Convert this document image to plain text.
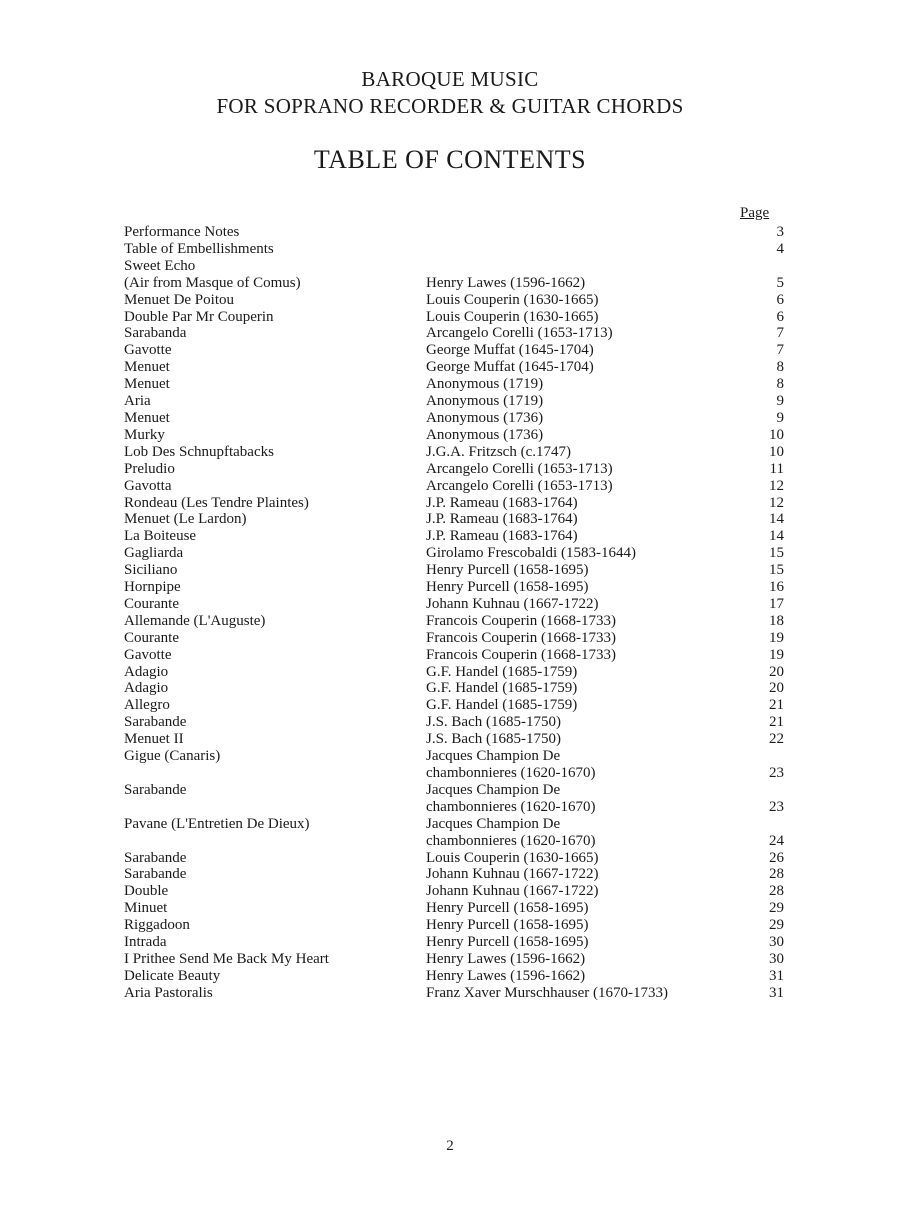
BAROQUE MUSIC
FOR SOPRANO RECORDER & GUITAR CHORDS
TABLE OF CONTENTS
Page
Performance Notes	3
Table of Embellishments	4
Sweet Echo
(Air from Masque of Comus)	Henry Lawes (1596-1662)	5
Menuet De Poitou	Louis Couperin (1630-1665)	6
Double Par Mr Couperin	Louis Couperin (1630-1665)	6
Sarabanda	Arcangelo Corelli (1653-1713)	7
Gavotte	George Muffat (1645-1704)	7
Menuet	George Muffat (1645-1704)	8
Menuet	Anonymous (1719)	8
Aria	Anonymous (1719)	9
Menuet	Anonymous (1736)	9
Murky	Anonymous (1736)	10
Lob Des Schnupftabacks	J.G.A. Fritzsch (c.1747)	10
Preludio	Arcangelo Corelli (1653-1713)	11
Gavotta	Arcangelo Corelli (1653-1713)	12
Rondeau (Les Tendre Plaintes)	J.P. Rameau (1683-1764)	12
Menuet (Le Lardon)	J.P. Rameau (1683-1764)	14
La Boiteuse	J.P. Rameau (1683-1764)	14
Gagliarda	Girolamo Frescobaldi (1583-1644)	15
Siciliano	Henry Purcell (1658-1695)	15
Hornpipe	Henry Purcell (1658-1695)	16
Courante	Johann Kuhnau (1667-1722)	17
Allemande (L'Auguste)	Francois Couperin (1668-1733)	18
Courante	Francois Couperin (1668-1733)	19
Gavotte	Francois Couperin (1668-1733)	19
Adagio	G.F. Handel (1685-1759)	20
Adagio	G.F. Handel (1685-1759)	20
Allegro	G.F. Handel (1685-1759)	21
Sarabande	J.S. Bach (1685-1750)	21
Menuet II	J.S. Bach (1685-1750)	22
Gigue (Canaris)	Jacques Champion De
chambonnieres (1620-1670)	23
Sarabande	Jacques Champion De
chambonnieres (1620-1670)	23
Pavane (L'Entretien De Dieux)	Jacques Champion De
chambonnieres (1620-1670)	24
Sarabande	Louis Couperin (1630-1665)	26
Sarabande	Johann Kuhnau (1667-1722)	28
Double	Johann Kuhnau (1667-1722)	28
Minuet	Henry Purcell (1658-1695)	29
Riggadoon	Henry Purcell (1658-1695)	29
Intrada	Henry Purcell (1658-1695)	30
I Prithee Send Me Back My Heart	Henry Lawes (1596-1662)	30
Delicate Beauty	Henry Lawes (1596-1662)	31
Aria Pastoralis	Franz Xaver Murschhauser (1670-1733)	31
2
